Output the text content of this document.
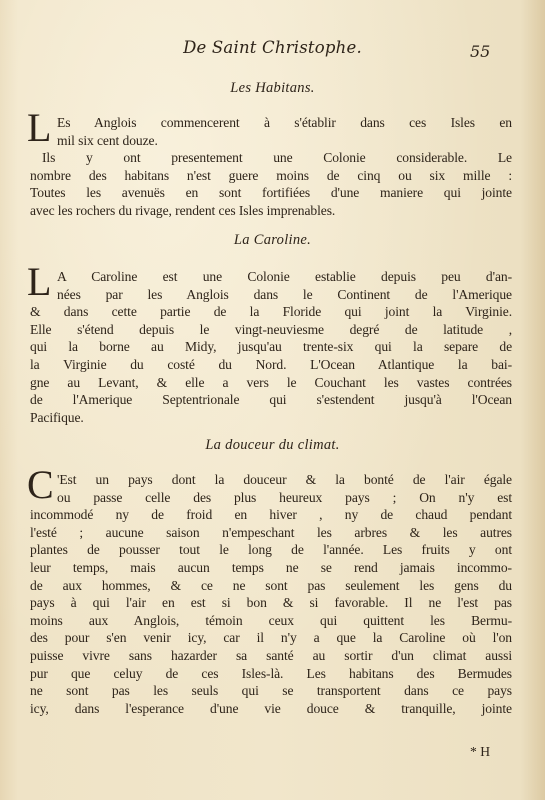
De Saint Christophe.	55
Les Habitans.
L Es Anglois commencerent à s'établir dans ces Isles en
mil six cent douze.
Ils y ont presentement une Colonie considerable. Le
nombre des habitans n'est guere moins de cinq ou six mille :
Toutes les avenuës en sont fortifiées d'une maniere qui jointe
avec les rochers du rivage, rendent ces Isles imprenables.
La Caroline.
L A Caroline est une Colonie establie depuis peu d'an-
nées par les Anglois dans le Continent de l'Amerique
& dans cette partie de la Floride qui joint la Virginie.
Elle s'étend depuis le vingt-neuviesme degré de latitude ,
qui la borne au Midy, jusqu'au trente-six qui la separe de
la Virginie du costé du Nord. L'Ocean Atlantique la bai-
gne au Levant, & elle a vers le Couchant les vastes contrées
de l'Amerique Septentrionale qui s'estendent jusqu'à l'Ocean
Pacifique.
La douceur du climat.
C 'Est un pays dont la douceur & la bonté de l'air égale
ou passe celle des plus heureux pays ; On n'y est
incommodé ny de froid en hiver , ny de chaud pendant
l'esté ; aucune saison n'empeschant les arbres & les autres
plantes de pousser tout le long de l'année. Les fruits y ont
leur temps, mais aucun temps ne se rend jamais incommo-
de aux hommes, & ce ne sont pas seulement les gens du
pays à qui l'air en est si bon & si favorable. Il ne l'est pas
moins aux Anglois, témoin ceux qui quittent les Bermu-
des pour s'en venir icy, car il n'y a que la Caroline où l'on
puisse vivre sans hazarder sa santé au sortir d'un climat aussi
pur que celuy de ces Isles-là. Les habitans des Bermudes
ne sont pas les seuls qui se transportent dans ce pays
icy, dans l'esperance d'une vie douce & tranquille, jointe
* H
